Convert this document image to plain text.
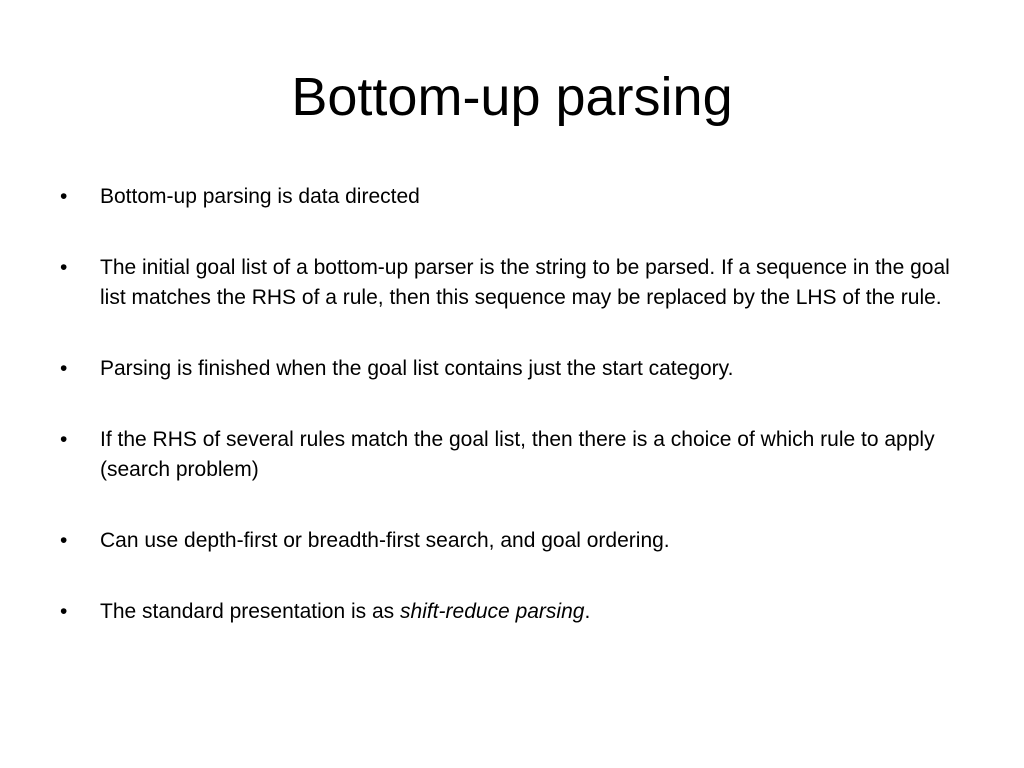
Bottom-up parsing
•	Bottom-up parsing is data directed
•	The initial goal list of a bottom-up parser is the string to be parsed. If a sequence in the goal list matches the RHS of a rule, then this sequence may be replaced by the LHS of the rule.
•	Parsing is finished when the goal list contains just the start category.
•	If the RHS of several rules match the goal list, then there is a choice of which rule to apply (search problem)
•	Can use depth-first or breadth-first search, and goal ordering.
•	The standard presentation is as shift-reduce parsing.
